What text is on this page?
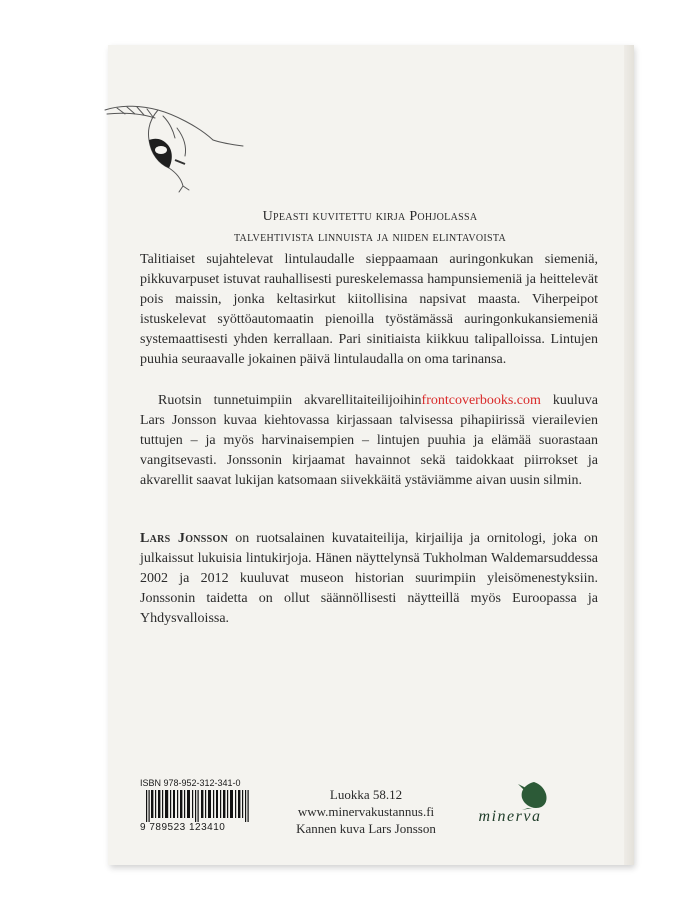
Upeasti kuvitettu kirja Pohjolassa
talvehtivista linnuista ja niiden elintavoista
Talitiaiset sujahtelevat lintulaudalle sieppaamaan auringonkukan siemeniä, pikkuvarpuset istuvat rauhallisesti pureskelemassa hampunsiemeniä ja heittelevät pois maissin, jonka keltasirkut kiitollisina napsivat maasta. Viherpeipot istuskelevat syöttöautomaatin pienoilla työstämässä auringonkukansiemeniä systemaattisesti yhden kerrallaan. Pari sinitiaista kiikkuu talipalloissa. Lintujen puuhia seuraavalle jokainen päivä lintulaudalla on oma tarinansa.
Ruotsin tunnetuimpiin akvarellitaiteilijoihinfrontcoverbooks.com kuuluva Lars Jonsson kuvaa kiehtovassa kirjassaan talvisessa pihapiirissä vierailevien tuttujen – ja myös harvinaisempien – lintujen puuhia ja elämää suorastaan vangitsevasti. Jonssonin kirjaamat havainnot sekä taidokkaat piirrokset ja akvarellit saavat lukijan katsomaan siivekkäitä ystäviämme aivan uusin silmin.
Lars Jonsson on ruotsalainen kuvataiteilija, kirjailija ja ornitologi, joka on julkaissut lukuisia lintukirjoja. Hänen näyttelynsä Tukholman Waldemarsuddessa 2002 ja 2012 kuuluvat museon historian suurimpiin yleisömenestyksiin. Jonssonin taidetta on ollut säännöllisesti näytteillä myös Euroopassa ja Yhdysvalloissa.
ISBN 978-952-312-341-0
9 789523 123410
Luokka 58.12
www.minervakustannus.fi
Kannen kuva Lars Jonsson
minerva
